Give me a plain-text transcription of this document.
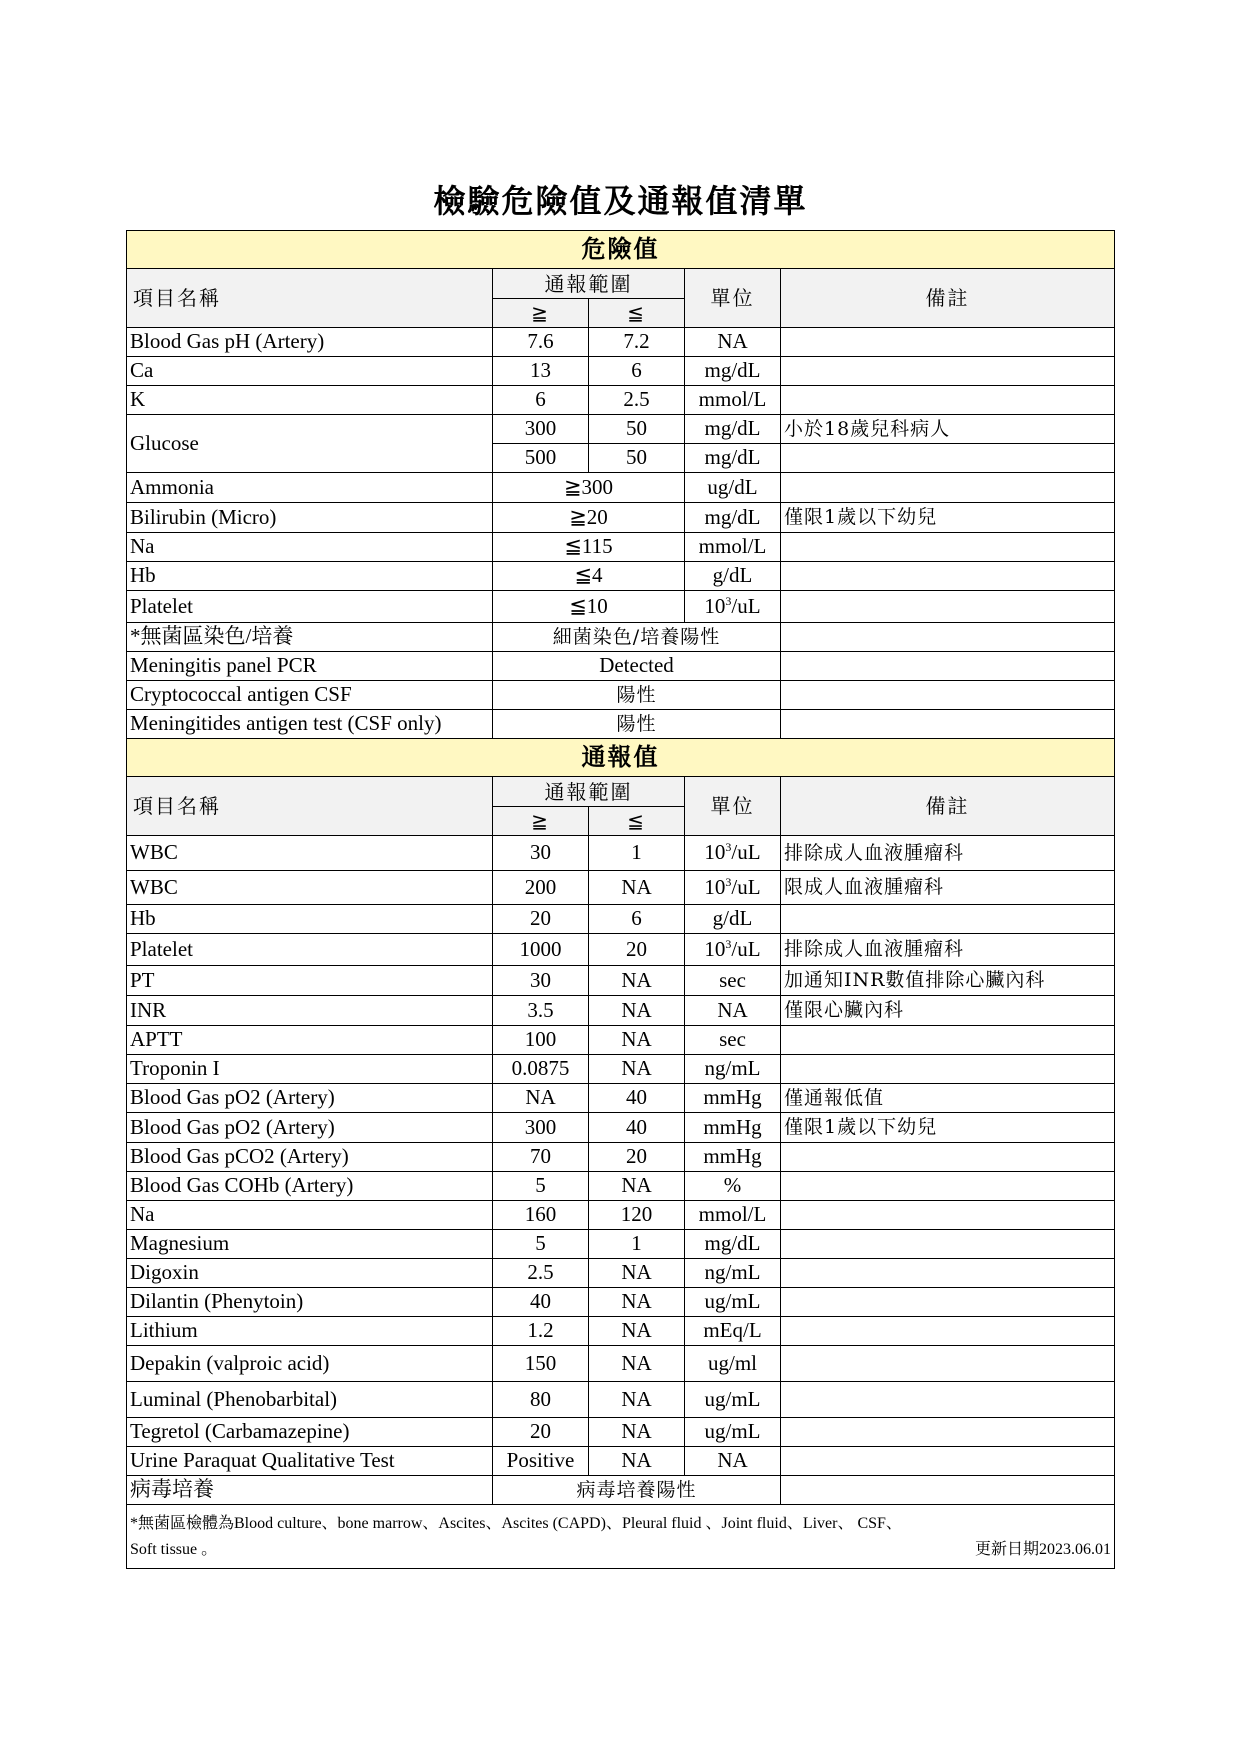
檢驗危險值及通報值清單
危險值				
項目名稱	通報範圍		單位	備註
	≧	≦		
Blood Gas pH (Artery)	7.6	7.2	NA	
Ca	13	6	mg/dL	
K	6	2.5	mmol/L	
Glucose	300	50	mg/dL	小於18歲兒科病人
	500	50	mg/dL	
Ammonia	≧300		ug/dL	
Bilirubin (Micro)	≧20		mg/dL	僅限1歲以下幼兒
Na	≦115		mmol/L	
Hb	≦4		g/dL	
Platelet	≦10		$10^3/uL$	
*無菌區染色/培養	細菌染色/培養陽性			
Meningitis panel PCR	Detected			
Cryptococcal antigen CSF	陽性			
Meningitides antigen test (CSF only)	陽性			
通報值				
項目名稱	通報範圍		單位	備註
	≧	≦		
WBC	30	1	$10^3/uL$	排除成人血液腫瘤科
WBC	200	NA	$10^3/uL$	限成人血液腫瘤科
Hb	20	6	g/dL	
Platelet	1000	20	$10^3/uL$	排除成人血液腫瘤科
PT	30	NA	sec	加通知INR數值排除心臟內科
INR	3.5	NA	NA	僅限心臟內科
APTT	100	NA	sec	
Troponin I	0.0875	NA	ng/mL	
Blood Gas pO2 (Artery)	NA	40	mmHg	僅通報低值
Blood Gas pO2 (Artery)	300	40	mmHg	僅限1歲以下幼兒
Blood Gas pCO2 (Artery)	70	20	mmHg	
Blood Gas COHb (Artery)	5	NA	%	
Na	160	120	mmol/L	
Magnesium	5	1	mg/dL	
Digoxin	2.5	NA	ng/mL	
Dilantin (Phenytoin)	40	NA	ug/mL	
Lithium	1.2	NA	mEq/L	
Depakin (valproic acid)	150	NA	ug/ml	
Luminal (Phenobarbital)	80	NA	ug/mL	
Tegretol (Carbamazepine)	20	NA	ug/mL	
Urine Paraquat Qualitative Test	Positive	NA	NA	
病毒培養	病毒培養陽性			

*無菌區檢體為Blood culture、bone marrow、Ascites、Ascites (CAPD)、Pleural fluid 、Joint fluid、Liver、 CSF、
Soft tissue 。 更新日期2023.06.01				
